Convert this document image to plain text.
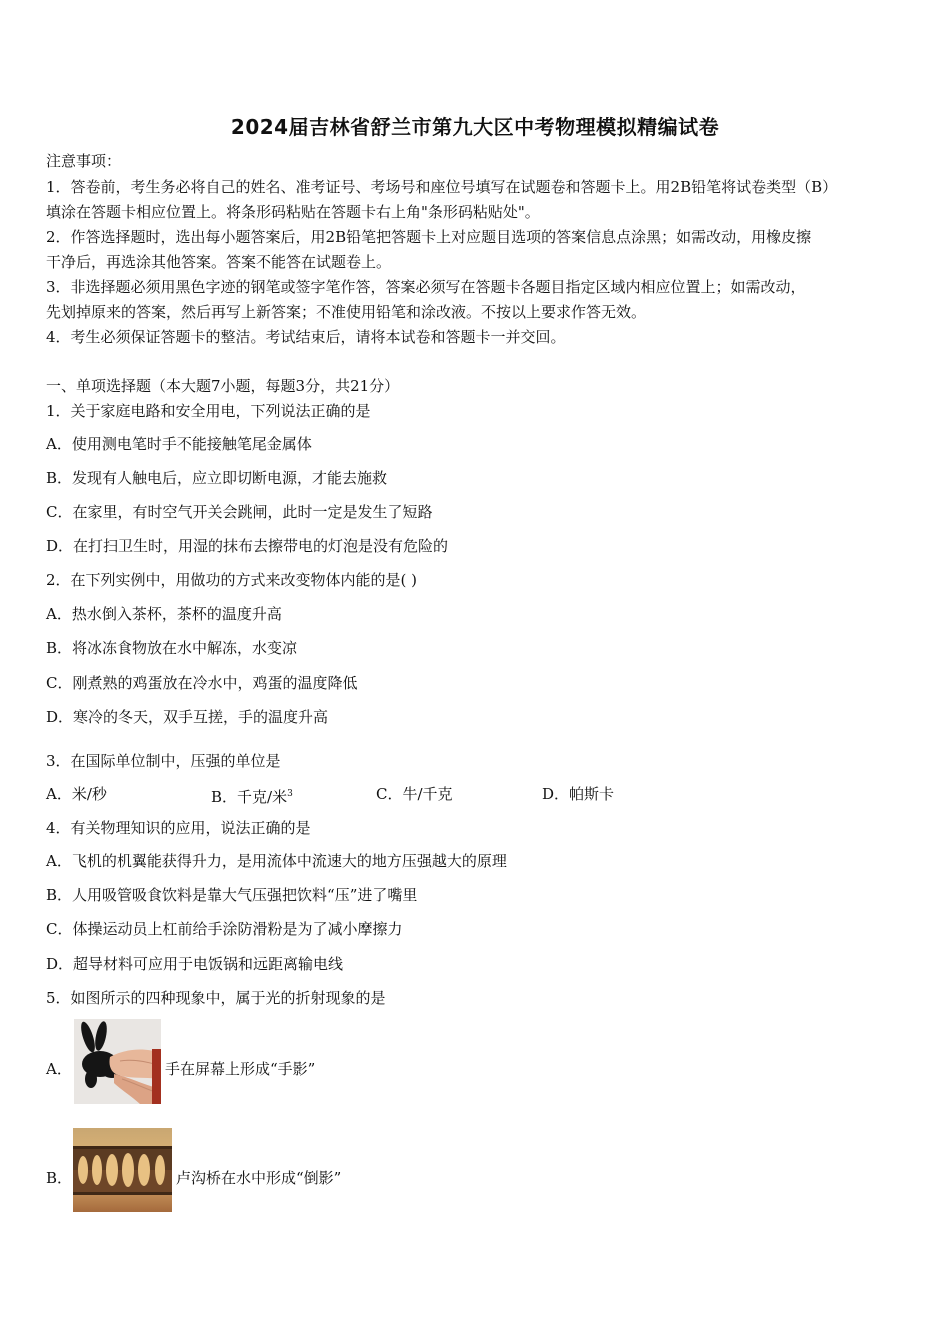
2024届吉林省舒兰市第九大区中考物理模拟精编试卷
注意事项：
1．答卷前，考生务必将自己的姓名、准考证号、考场号和座位号填写在试题卷和答题卡上。用2B铅笔将试卷类型（B）
填涂在答题卡相应位置上。将条形码粘贴在答题卡右上角"条形码粘贴处"。
2．作答选择题时，选出每小题答案后，用2B铅笔把答题卡上对应题目选项的答案信息点涂黑；如需改动，用橡皮擦
干净后，再选涂其他答案。答案不能答在试题卷上。
3．非选择题必须用黑色字迹的钢笔或签字笔作答，答案必须写在答题卡各题目指定区域内相应位置上；如需改动，
先划掉原来的答案，然后再写上新答案；不准使用铅笔和涂改液。不按以上要求作答无效。
4．考生必须保证答题卡的整洁。考试结束后，请将本试卷和答题卡一并交回。
一、单项选择题（本大题7小题，每题3分，共21分）
1．关于家庭电路和安全用电，下列说法正确的是
A．使用测电笔时手不能接触笔尾金属体
B．发现有人触电后，应立即切断电源，才能去施救
C．在家里，有时空气开关会跳闸，此时一定是发生了短路
D．在打扫卫生时，用湿的抹布去擦带电的灯泡是没有危险的
2．在下列实例中，用做功的方式来改变物体内能的是( )
A．热水倒入茶杯，茶杯的温度升高
B．将冰冻食物放在水中解冻，水变凉
C．刚煮熟的鸡蛋放在冷水中，鸡蛋的温度降低
D．寒冷的冬天，双手互搓，手的温度升高
3．在国际单位制中，压强的单位是
A．米/秒	B．千克/米$^3$	C．牛/千克	D．帕斯卡
4．有关物理知识的应用，说法正确的是
A．飞机的机翼能获得升力，是用流体中流速大的地方压强越大的原理
B．人用吸管吸食饮料是靠大气压强把饮料“压”进了嘴里
C．体操运动员上杠前给手涂防滑粉是为了减小摩擦力
D．超导材料可应用于电饭锅和远距离输电线
5．如图所示的四种现象中，属于光的折射现象的是
A．	手在屏幕上形成“手影”
B．	卢沟桥在水中形成“倒影”
